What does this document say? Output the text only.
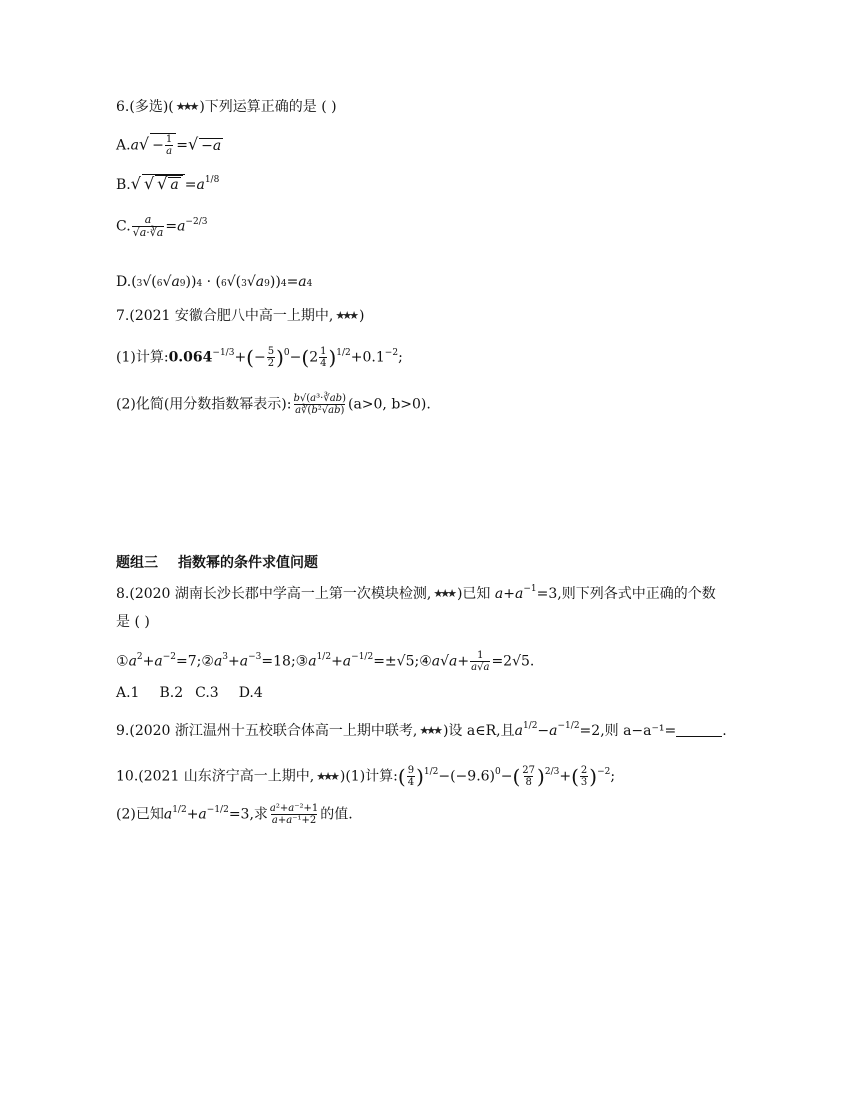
6.(多选)( ★★★ )下列运算正确的是 ( )
$A.a√ - \frac{1}{a}$ =√ −a
B.√ √ √ $a =a^{1/8}$
C. $\frac{a}{√a\cdot∛a} =a^{-2/3}$
D.(3√(6√a9))4 · (6√(3√a9))4=a4
7.(2021 安徽合肥八中高一上期中, ★★★ )
(1)计算$:0.064^{-1/3}+(- \frac{5}{2} )^0-(2 \frac{1}{4} )^{1/2}+0.1^{-2}$;
(2)化简(用分数指数幂表示): $\frac{\text{b√(a³·∛ab)}}{\text{a∛(b²√ab)}} (a>0$, b>0).
题组三 指数幂的条件求值问题
8.(2020 湖南长沙长郡中学高一上第一次模块检测, ★★★ )已知 $a+a^{-1}=3$,则下列各式中正确的个数
是 ( )
$①a^2+a^{-2}=7;②a^3+a^{-3}=18;③a^{1/2}+a^{-1/2}=\pm√5;④a√a+ \frac{1}{a√a} =2√5$.
A.1 B.2 C.3 D.4
9.(2020 浙江温州十五校联合体高一上期中联考, ★★★ )设 a∈R,且$a^{1/2}-a^{-1/2}=2$,则 a−a⁻¹=	.
10.(2021 山东济宁高一上期中, ★★★ )(1)计算:( $\frac{9}{4} )^{1/2}-(-9.6)^0-( \frac{27}{8} )^{2/3}+( \frac{2}{3} )^{-2}$;
(2)已知$a^{1/2}+a^{-1/2}=3$,求 $\frac{\text{a²+a⁻²+1}}{\text{a+a⁻¹+2}}$ 的值.
